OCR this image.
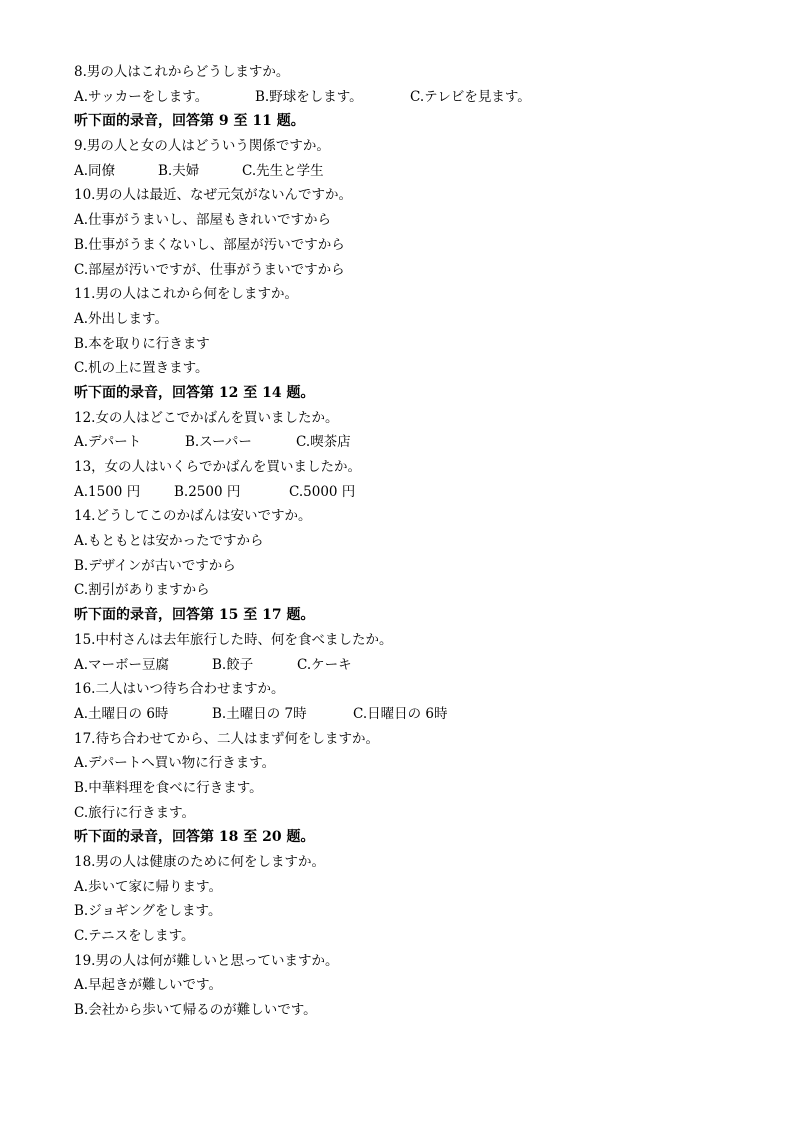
8.男の人はこれからどうしますか。
A.サッカーをします。	B.野球をします。	C.テレビを見ます。
听下面的录音，回答第 9 至 11 题。
9.男の人と女の人はどういう関係ですか。
A.同僚	B.夫婦	C.先生と学生
10.男の人は最近、なぜ元気がないんですか。
A.仕事がうまいし、部屋もきれいですから
B.仕事がうまくないし、部屋が汚いですから
C.部屋が汚いですが、仕事がうまいですから
11.男の人はこれから何をしますか。
A.外出します。
B.本を取りに行きます
C.机の上に置きます。
听下面的录音，回答第 12 至 14 题。
12.女の人はどこでかばんを買いましたか。
A.デパート	B.スーパー	C.喫茶店
13，女の人はいくらでかばんを買いましたか。
A.1500 円	B.2500 円	C.5000 円
14.どうしてこのかばんは安いですか。
A.もともとは安かったですから
B.デザインが古いですから
C.割引がありますから
听下面的录音，回答第 15 至 17 题。
15.中村さんは去年旅行した時、何を食べましたか。
A.マーボー豆腐	B.餃子	C.ケーキ
16.二人はいつ待ち合わせますか。
A.土曜日の 6時	B.土曜日の 7時	C.日曜日の 6時
17.待ち合わせてから、二人はまず何をしますか。
A.デパートへ買い物に行きます。
B.中華料理を食べに行きます。
C.旅行に行きます。
听下面的录音，回答第 18 至 20 题。
18.男の人は健康のために何をしますか。
A.歩いて家に帰ります。
B.ジョギングをします。
C.テニスをします。
19.男の人は何が難しいと思っていますか。
A.早起きが難しいです。
B.会社から歩いて帰るのが難しいです。
